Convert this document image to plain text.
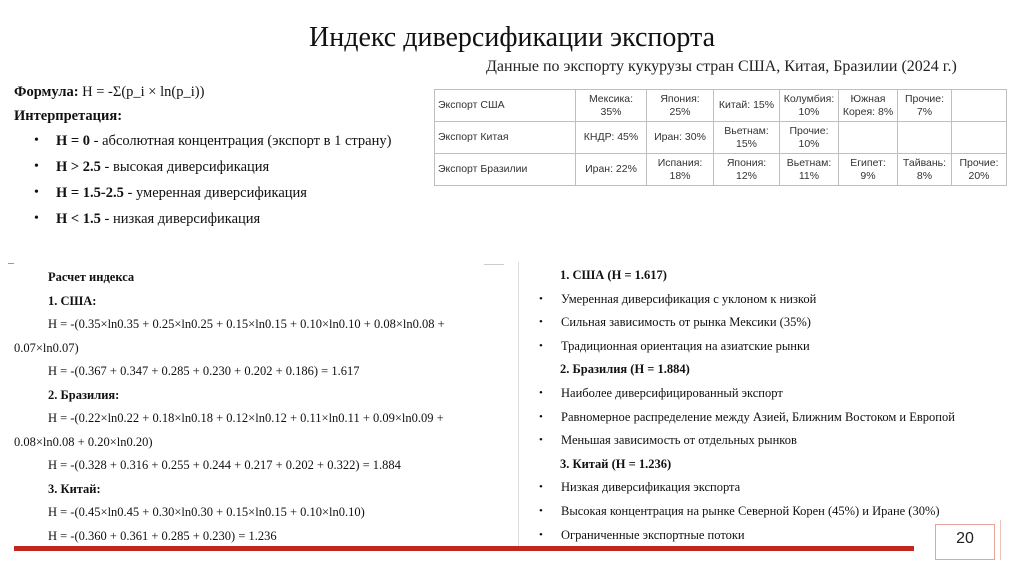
Индекс диверсификации экспорта
Формула: H = -Σ(p_i × ln(p_i))
Интерпретация:
• H = 0 - абсолютная концентрация (экспорт в 1 страну)
• H > 2.5 - высокая диверсификация
• H = 1.5-2.5 - умеренная диверсификация
• H < 1.5 - низкая диверсификация
Данные по экспорту кукурузы стран США, Китая, Бразилии (2024 г.)
Экспорт США	Мексика: 35%	Япония: 25%	Китай: 15%	Колумбия: 10%	Южная Корея: 8%	Прочие: 7%	
Экспорт Китая	КНДР: 45%	Иран: 30%	Вьетнам: 15%	Прочие: 10%			
Экспорт Бразилии	Иран: 22%	Испания: 18%	Япония: 12%	Вьетнам: 11%	Египет: 9%	Тайвань: 8%	Прочие: 20%
Расчет индекса
1. США:
H = -(0.35×ln0.35 + 0.25×ln0.25 + 0.15×ln0.15 + 0.10×ln0.10 + 0.08×ln0.08 +
0.07×ln0.07)
H = -(0.367 + 0.347 + 0.285 + 0.230 + 0.202 + 0.186) = 1.617
2. Бразилия:
H = -(0.22×ln0.22 + 0.18×ln0.18 + 0.12×ln0.12 + 0.11×ln0.11 + 0.09×ln0.09 +
0.08×ln0.08 + 0.20×ln0.20)
H = -(0.328 + 0.316 + 0.255 + 0.244 + 0.217 + 0.202 + 0.322) = 1.884
3. Китай:
H = -(0.45×ln0.45 + 0.30×ln0.30 + 0.15×ln0.15 + 0.10×ln0.10)
H = -(0.360 + 0.361 + 0.285 + 0.230) = 1.236
1. США (H = 1.617)
• Умеренная диверсификация с уклоном к низкой
• Сильная зависимость от рынка Мексики (35%)
• Традиционная ориентация на азиатские рынки
2. Бразилия (H = 1.884)
• Наиболее диверсифицированный экспорт
• Равномерное распределение между Азией, Ближним Востоком и Европой
• Меньшая зависимость от отдельных рынков
3. Китай (H = 1.236)
• Низкая диверсификация экспорта
• Высокая концентрация на рынке Северной Корен (45%) и Иране (30%)
• Ограниченные экспортные потоки	20
